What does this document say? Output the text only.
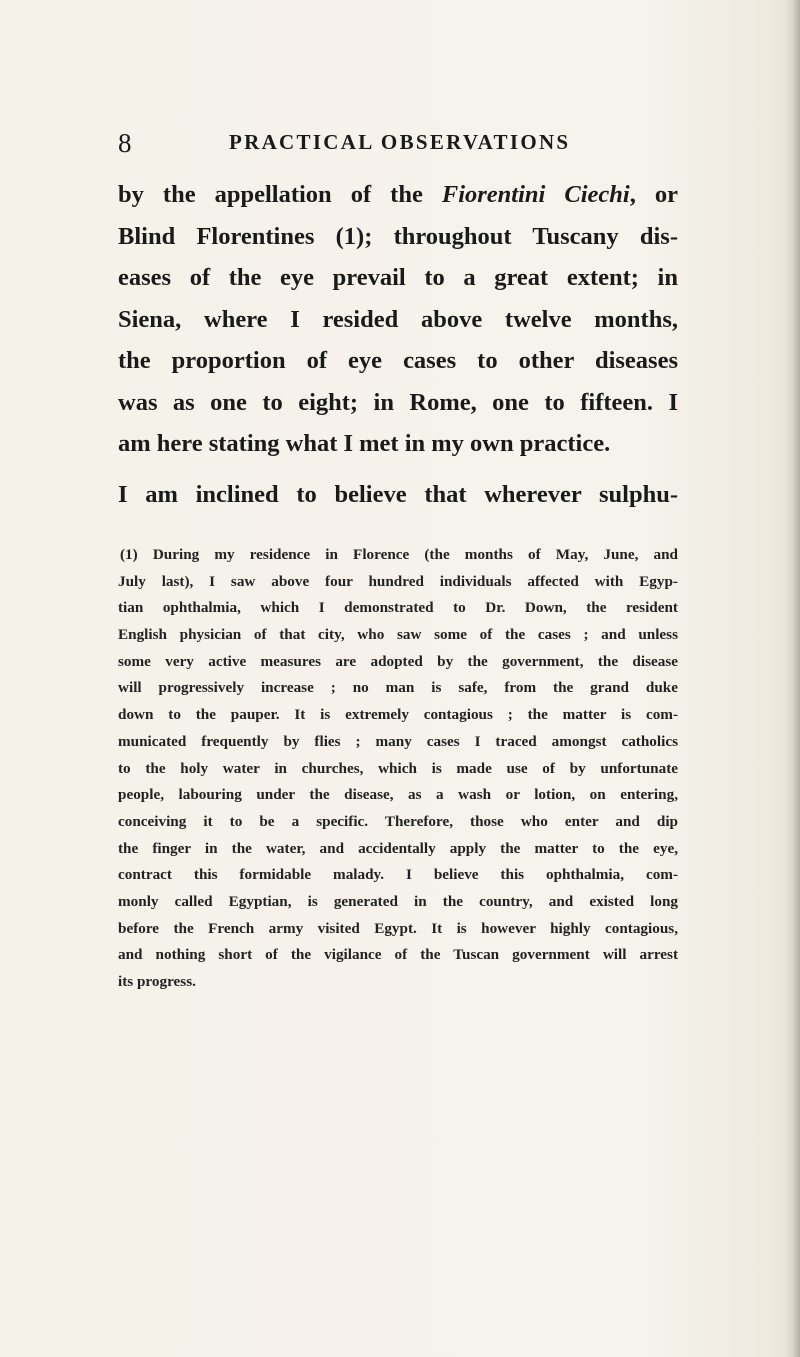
8	PRACTICAL OBSERVATIONS
by the appellation of the Fiorentini Ciechi, or
Blind Florentines (1); throughout Tuscany dis-
eases of the eye prevail to a great extent; in
Siena, where I resided above twelve months,
the proportion of eye cases to other diseases
was as one to eight; in Rome, one to fifteen. I
am here stating what I met in my own practice.
I am inclined to believe that wherever sulphu-
(1) During my residence in Florence (the months of May, June, and
July last), I saw above four hundred individuals affected with Egyp-
tian ophthalmia, which I demonstrated to Dr. Down, the resident
English physician of that city, who saw some of the cases ; and unless
some very active measures are adopted by the government, the disease
will progressively increase ; no man is safe, from the grand duke
down to the pauper. It is extremely contagious ; the matter is com-
municated frequently by flies ; many cases I traced amongst catholics
to the holy water in churches, which is made use of by unfortunate
people, labouring under the disease, as a wash or lotion, on entering,
conceiving it to be a specific. Therefore, those who enter and dip
the finger in the water, and accidentally apply the matter to the eye,
contract this formidable malady. I believe this ophthalmia, com-
monly called Egyptian, is generated in the country, and existed long
before the French army visited Egypt. It is however highly contagious,
and nothing short of the vigilance of the Tuscan government will arrest
its progress.
